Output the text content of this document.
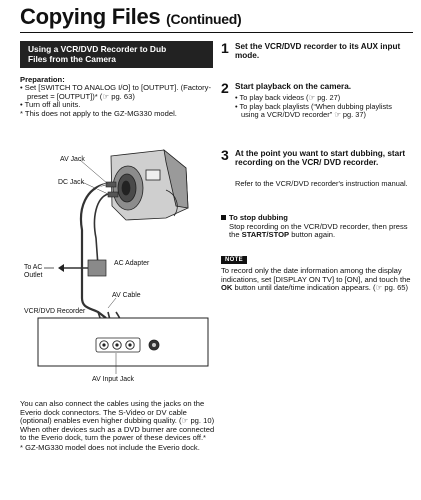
Copying Files (Continued)
Using a VCR/DVD Recorder to Dub
Files from the Camera
Preparation:
• Set [SWITCH TO ANALOG I/O] to [OUTPUT]. (Factory-preset = [OUTPUT])* (☞ pg. 63)
• Turn off all units.
* This does not apply to the GZ-MG330 model.
AV Jack
DC Jack
To AC
Outlet
AC Adapter
AV Cable
VCR/DVD Recorder
AV Input Jack
You can also connect the cables using the jacks on the Everio dock connectors. The S-Video or DV cable (optional) enables even higher dubbing quality. (☞ pg. 10) When other devices such as a DVD burner are connected to the Everio dock, turn the power of these devices off.*
* GZ-MG330 model does not include the Everio dock.
1 Set the VCR/DVD recorder to its AUX input mode.
2 Start playback on the camera.
• To play back videos (☞ pg. 27)
• To play back playlists (“When dubbing playlists using a VCR/DVD recorder” ☞ pg. 37)
3 At the point you want to start dubbing, start recording on the VCR/ DVD recorder.
Refer to the VCR/DVD recorder's instruction manual.
To stop dubbing
Stop recording on the VCR/DVD recorder, then press the START/STOP button again.
NOTE
To record only the date information among the display indications, set [DISPLAY ON TV] to [ON], and touch the OK button until date/time indication appears. (☞ pg. 65)
